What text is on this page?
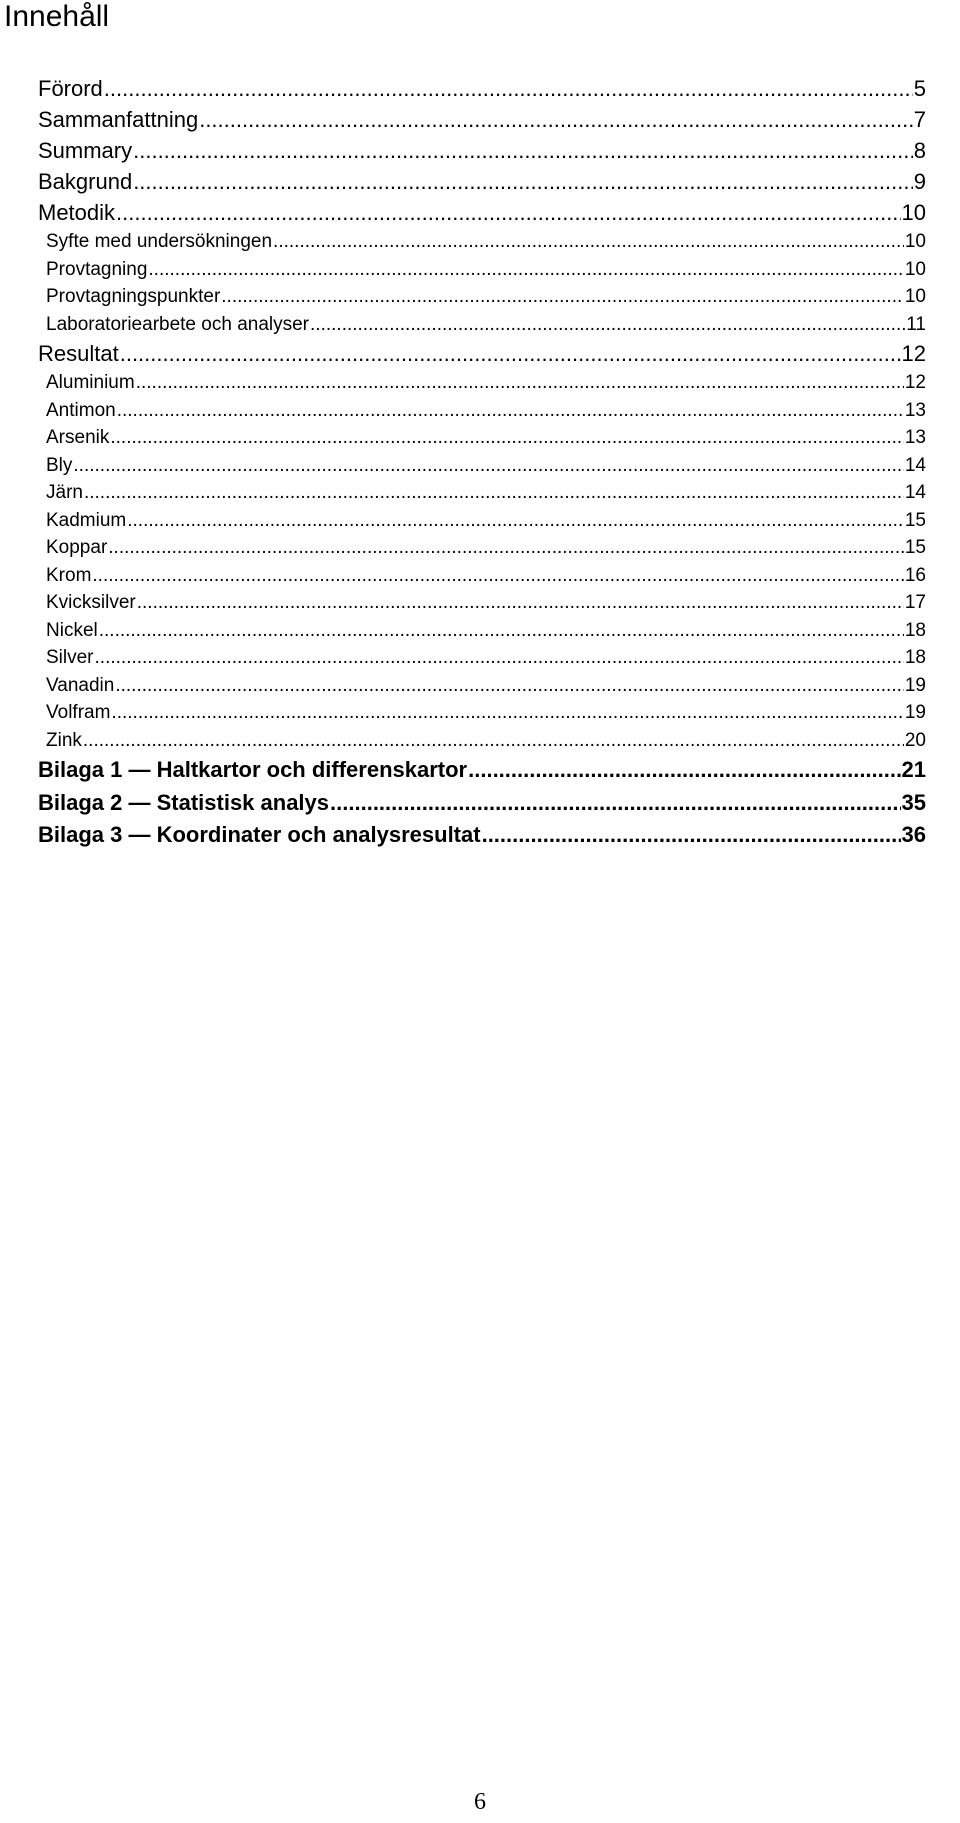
Innehåll
Förord .....	5
Sammanfattning .....	7
Summary .....	8
Bakgrund .....	9
Metodik .....	10
Syfte med undersökningen .....	10
Provtagning .....	10
Provtagningspunkter .....	10
Laboratoriearbete och analyser .....	11
Resultat .....	12
Aluminium .....	12
Antimon .....	13
Arsenik .....	13
Bly .....	14
Järn .....	14
Kadmium .....	15
Koppar .....	15
Krom .....	16
Kvicksilver .....	17
Nickel .....	18
Silver .....	18
Vanadin .....	19
Volfram .....	19
Zink .....	20
Bilaga 1 — Haltkartor och differenskartor .....	21
Bilaga 2 — Statistisk analys .....	35
Bilaga 3 — Koordinater och analysresultat .....	36
6
